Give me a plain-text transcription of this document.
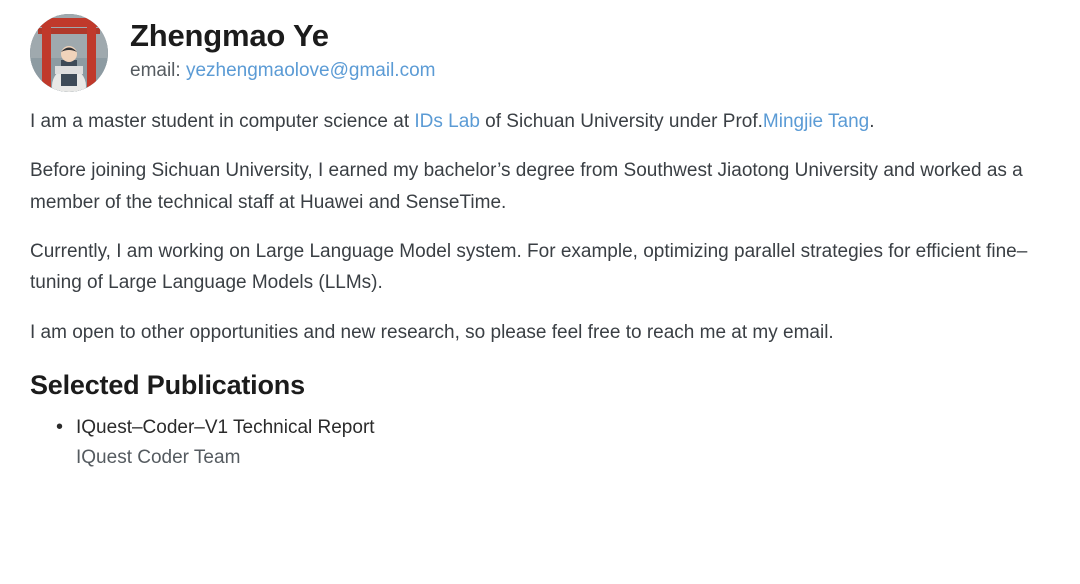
Zhengmao Ye
email: yezhengmaolove@gmail.com

I am a master student in computer science at IDs Lab of Sichuan University under Prof.Mingjie Tang.

Before joining Sichuan University, I earned my bachelor’s degree from Southwest Jiaotong University and worked as a member of the technical staff at Huawei and SenseTime.

Currently, I am working on Large Language Model system. For example, optimizing parallel strategies for efficient fine–tuning of Large Language Models (LLMs).

I am open to other opportunities and new research, so please feel free to reach me at my email.

Selected Publications
• IQuest–Coder–V1 Technical Report
IQuest Coder Team
